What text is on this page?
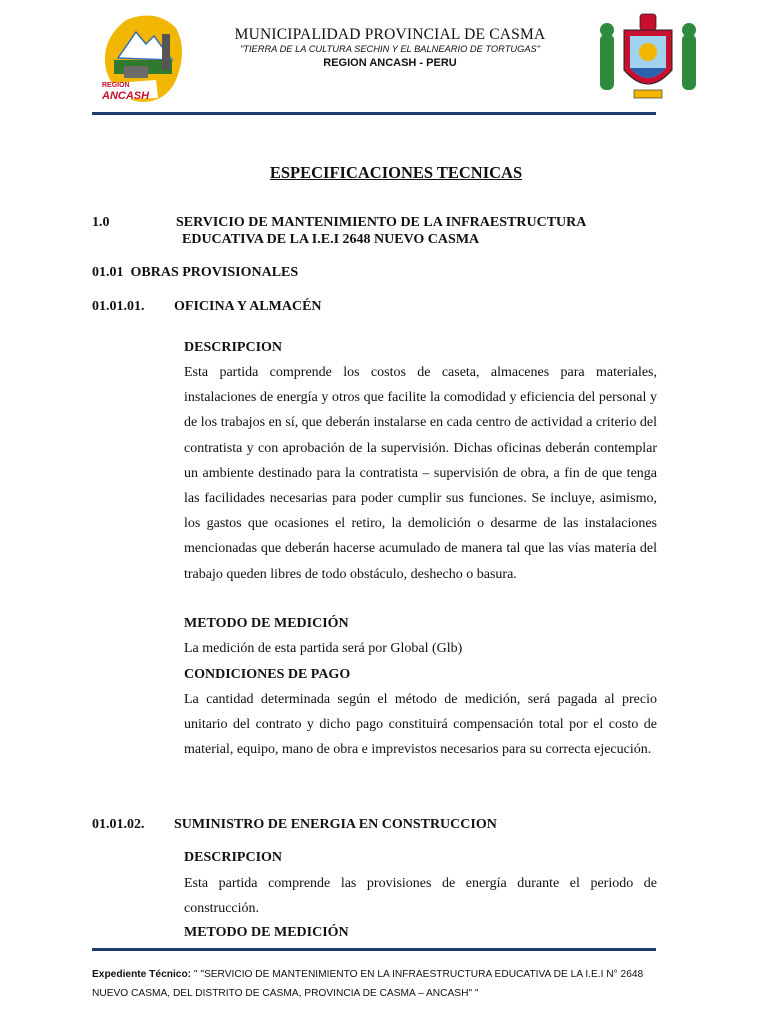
REGION
ANCASH
MUNICIPALIDAD PROVINCIAL DE CASMA
"TIERRA DE LA CULTURA SECHIN Y EL BALNEARIO DE TORTUGAS"
REGION ANCASH - PERU
ESPECIFICACIONES TECNICAS
1.0	SERVICIO DE MANTENIMIENTO DE LA INFRAESTRUCTURA
EDUCATIVA DE LA I.E.I 2648 NUEVO CASMA
01.01  OBRAS PROVISIONALES
01.01.01. OFICINA Y ALMACÉN
DESCRIPCION

Esta partida comprende los costos de caseta, almacenes para materiales, instalaciones de energía y otros que facilite la comodidad y eficiencia del personal y de los trabajos en sí, que deberán instalarse en cada centro de actividad a criterio del contratista y con aprobación de la supervisión. Dichas oficinas deberán contemplar un ambiente destinado para la contratista – supervisión de obra, a fin de que tenga las facilidades necesarias para poder cumplir sus funciones. Se incluye, asimismo, los gastos que ocasiones el retiro, la demolición o desarme de las instalaciones mencionadas que deberán hacerse acumulado de manera tal que las vías materia del trabajo queden libres de todo obstáculo, deshecho o basura.

METODO DE MEDICIÓN
La medición de esta partida será por Global (Glb)
CONDICIONES DE PAGO

La cantidad determinada según el método de medición, será pagada al precio unitario del contrato y dicho pago constituirá compensación total por el costo de material, equipo, mano de obra e imprevistos necesarios para su correcta ejecución.

01.01.02. SUMINISTRO DE ENERGIA EN CONSTRUCCION
DESCRIPCION

Esta partida comprende las provisiones de energía durante el periodo de construcción.

METODO DE MEDICIÓN
Expediente Técnico: " "SERVICIO DE MANTENIMIENTO EN LA INFRAESTRUCTURA EDUCATIVA DE LA I.E.I N° 2648 NUEVO CASMA, DEL DISTRITO DE CASMA, PROVINCIA DE CASMA – ANCASH" "
